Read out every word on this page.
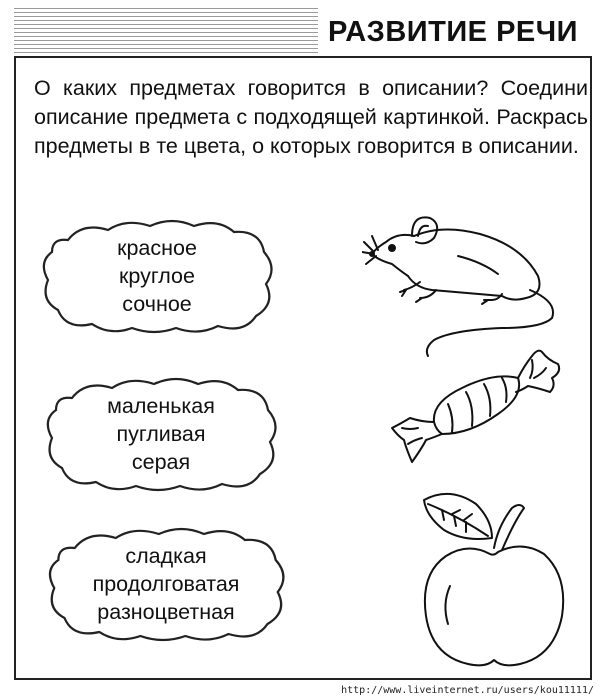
РАЗВИТИЕ РЕЧИ
О каких предметах говорится в описании? Соедини описание предмета с подходящей картинкой. Раскрась предметы в те цвета, о которых говорится в описании.
красное
круглое
сочное
маленькая
пугливая
серая
сладкая
продолговатая
разноцветная
http://www.liveinternet.ru/users/kou11111/
